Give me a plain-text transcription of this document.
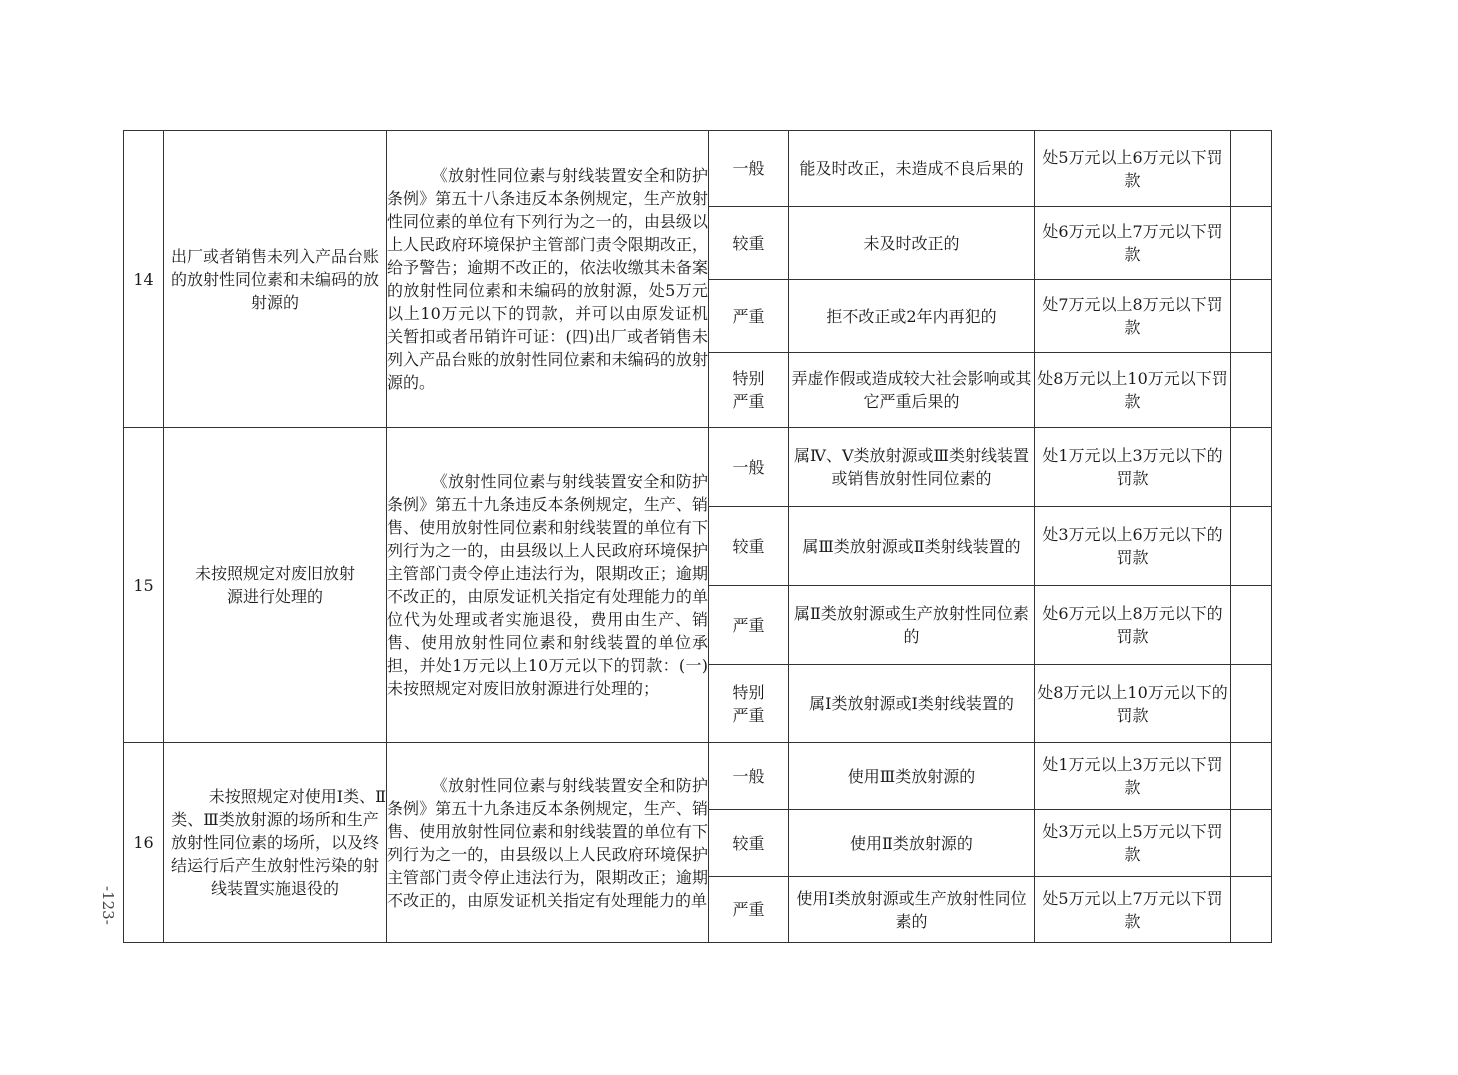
14	出厂或者销售未列入产品台账的放射性同位素和未编码的放射源的	《放射性同位素与射线装置安全和防护条例》第五十八条违反本条例规定，生产放射性同位素的单位有下列行为之一的，由县级以上人民政府环境保护主管部门责令限期改正，给予警告；逾期不改正的，依法收缴其未备案的放射性同位素和未编码的放射源，处5万元以上10万元以下的罚款，并可以由原发证机关暂扣或者吊销许可证：(四)出厂或者销售未列入产品台账的放射性同位素和未编码的放射源的。	一般	能及时改正，未造成不良后果的	处5万元以上6万元以下罚款	
			较重	未及时改正的	处6万元以上7万元以下罚款	
			严重	拒不改正或2年内再犯的	处7万元以上8万元以下罚款	
			特别严重	弄虚作假或造成较大社会影响或其它严重后果的	处8万元以上10万元以下罚款	
15	未按照规定对废旧放射源进行处理的	《放射性同位素与射线装置安全和防护条例》第五十九条违反本条例规定，生产、销售、使用放射性同位素和射线装置的单位有下列行为之一的，由县级以上人民政府环境保护主管部门责令停止违法行为，限期改正；逾期不改正的，由原发证机关指定有处理能力的单位代为处理或者实施退役，费用由生产、销售、使用放射性同位素和射线装置的单位承担，并处1万元以上10万元以下的罚款：(一)未按照规定对废旧放射源进行处理的；	一般	属Ⅳ、Ⅴ类放射源或Ⅲ类射线装置或销售放射性同位素的	处1万元以上3万元以下的罚款	
			较重	属Ⅲ类放射源或Ⅱ类射线装置的	处3万元以上6万元以下的罚款	
			严重	属Ⅱ类放射源或生产放射性同位素的	处6万元以上8万元以下的罚款	
			特别严重	属Ⅰ类放射源或Ⅰ类射线装置的	处8万元以上10万元以下的罚款	
16	未按照规定对使用Ⅰ类、Ⅱ类、Ⅲ类放射源的场所和生产放射性同位素的场所，以及终结运行后产生放射性污染的射线装置实施退役的	《放射性同位素与射线装置安全和防护条例》第五十九条违反本条例规定，生产、销售、使用放射性同位素和射线装置的单位有下列行为之一的，由县级以上人民政府环境保护主管部门责令停止违法行为，限期改正；逾期不改正的，由原发证机关指定有处理能力的单	一般	使用Ⅲ类放射源的	处1万元以上3万元以下罚款	
			较重	使用Ⅱ类放射源的	处3万元以上5万元以下罚款	
			严重	使用Ⅰ类放射源或生产放射性同位素的	处5万元以上7万元以下罚款	
-123-
